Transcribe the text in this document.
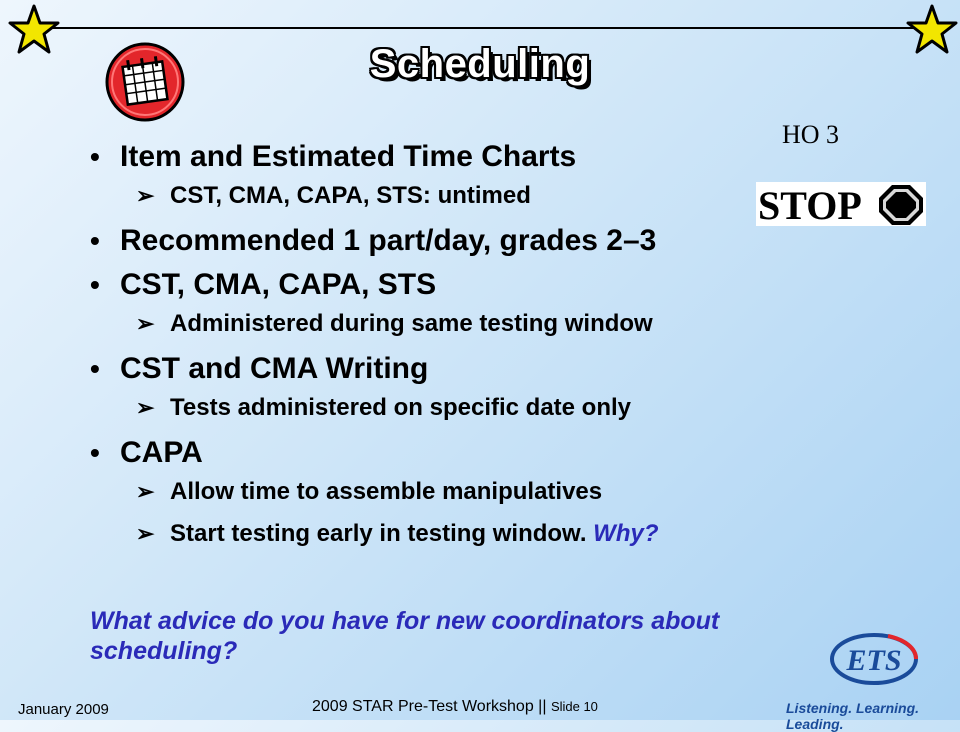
Scheduling
HO 3
STOP
• Item and Estimated Time Charts
➢ CST, CMA, CAPA, STS: untimed
• Recommended 1 part/day, grades 2–3
• CST, CMA, CAPA, STS
➢ Administered during same testing window
• CST and CMA Writing
➢ Tests administered on specific date only
• CAPA
➢ Allow time to assemble manipulatives
➢ Start testing early in testing window. Why?
What advice do you have for new coordinators about scheduling?
January 2009	2009 STAR Pre-Test Workshop || Slide 10
ETS
Listening. Learning. Leading.
